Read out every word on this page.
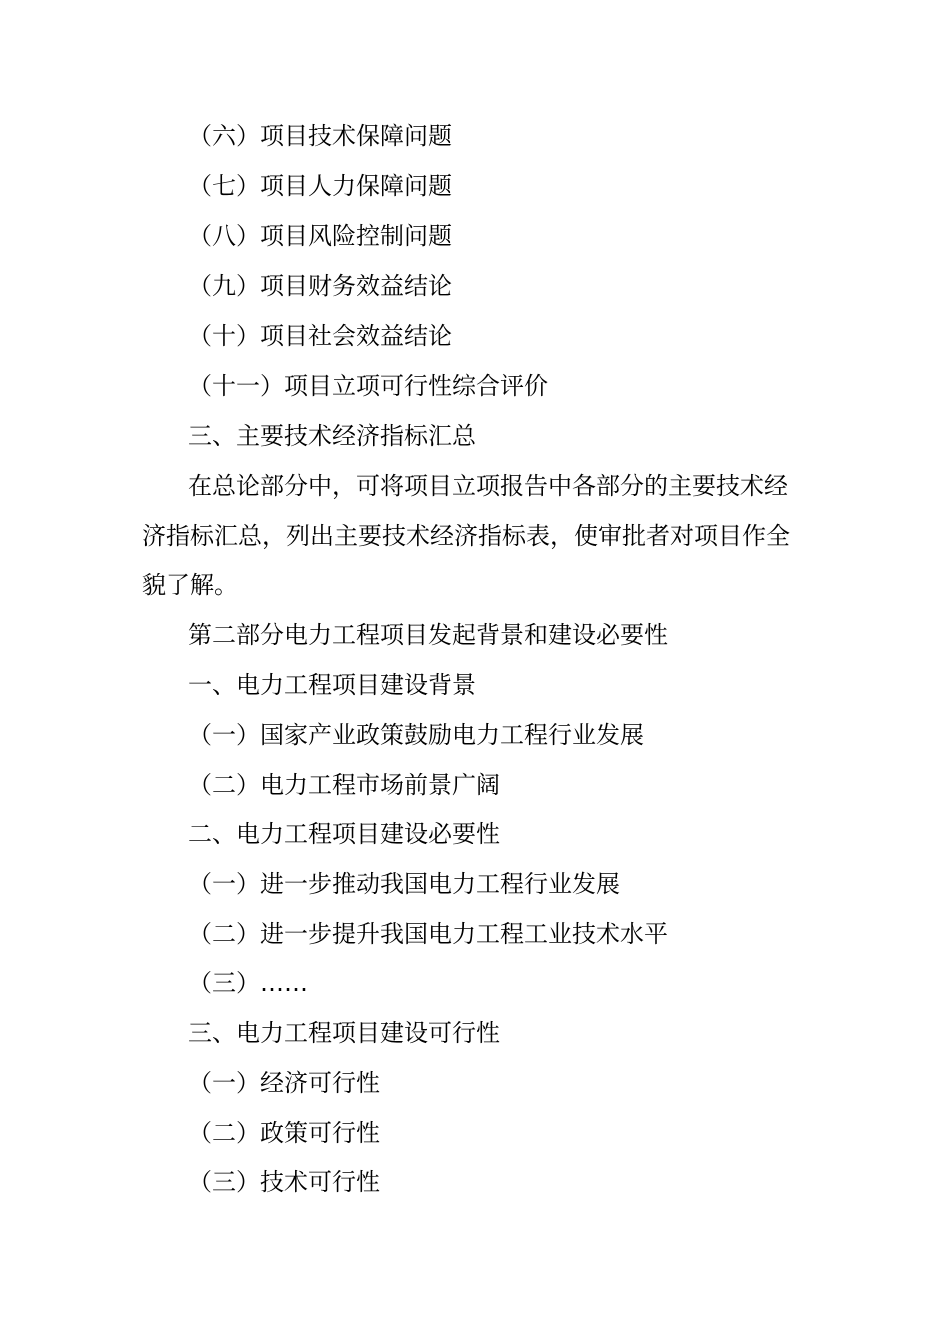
（六）项目技术保障问题
（七）项目人力保障问题
（八）项目风险控制问题
（九）项目财务效益结论
（十）项目社会效益结论
（十一）项目立项可行性综合评价
三、主要技术经济指标汇总
在总论部分中，可将项目立项报告中各部分的主要技术经
济指标汇总，列出主要技术经济指标表，使审批者对项目作全
貌了解。
第二部分电力工程项目发起背景和建设必要性
一、电力工程项目建设背景
（一）国家产业政策鼓励电力工程行业发展
（二）电力工程市场前景广阔
二、电力工程项目建设必要性
（一）进一步推动我国电力工程行业发展
（二）进一步提升我国电力工程工业技术水平
（三）……
三、电力工程项目建设可行性
（一）经济可行性
（二）政策可行性
（三）技术可行性
